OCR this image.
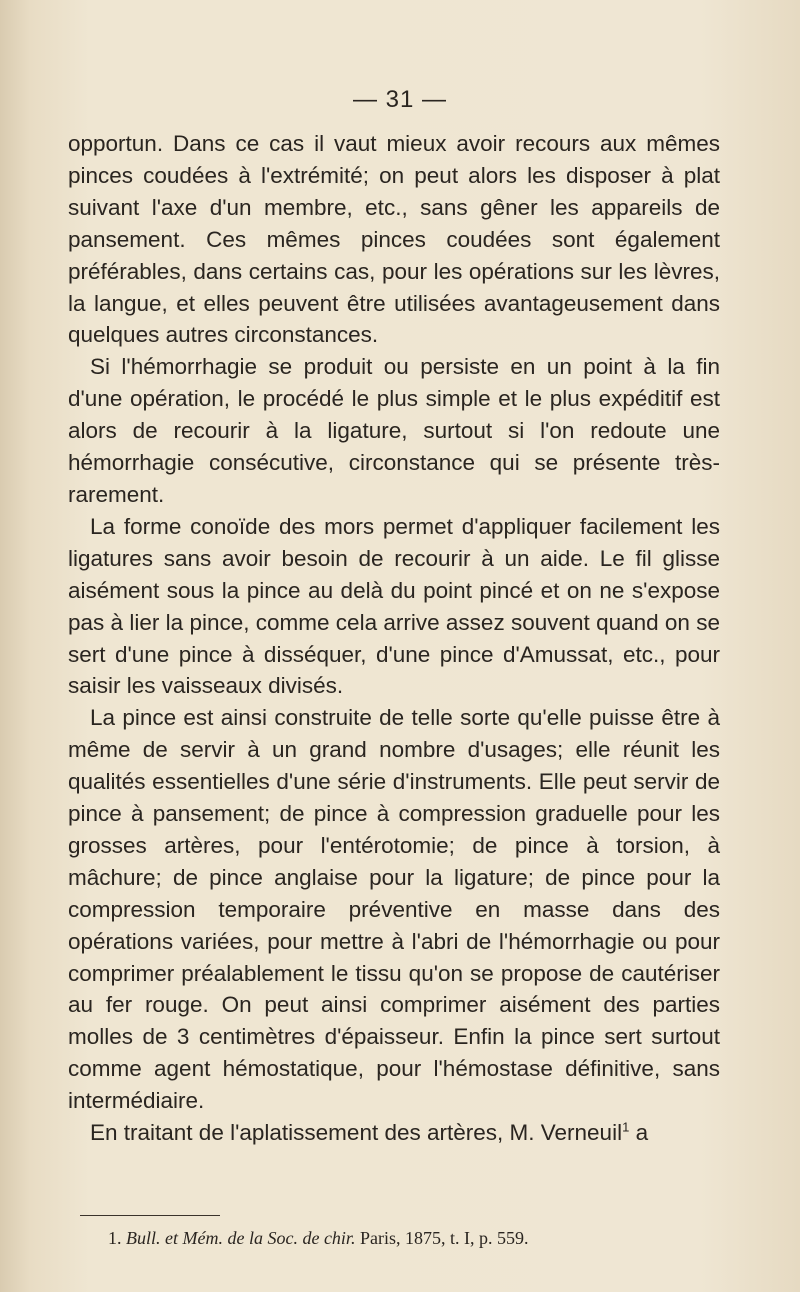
— 31 —

opportun. Dans ce cas il vaut mieux avoir recours aux mêmes pinces coudées à l'extrémité; on peut alors les disposer à plat suivant l'axe d'un membre, etc., sans gêner les appareils de pansement. Ces mêmes pinces coudées sont également préférables, dans certains cas, pour les opérations sur les lèvres, la langue, et elles peuvent être utilisées avantageusement dans quelques autres circonstances.

Si l'hémorrhagie se produit ou persiste en un point à la fin d'une opération, le procédé le plus simple et le plus expéditif est alors de recourir à la ligature, surtout si l'on redoute une hémorrhagie consécutive, circonstance qui se présente très-rarement.

La forme conoïde des mors permet d'appliquer facilement les ligatures sans avoir besoin de recourir à un aide. Le fil glisse aisément sous la pince au delà du point pincé et on ne s'expose pas à lier la pince, comme cela arrive assez souvent quand on se sert d'une pince à disséquer, d'une pince d'Amussat, etc., pour saisir les vaisseaux divisés.

La pince est ainsi construite de telle sorte qu'elle puisse être à même de servir à un grand nombre d'usages; elle réunit les qualités essentielles d'une série d'instruments. Elle peut servir de pince à pansement; de pince à compression graduelle pour les grosses artères, pour l'entérotomie; de pince à torsion, à mâchure; de pince anglaise pour la ligature; de pince pour la compression temporaire préventive en masse dans des opérations variées, pour mettre à l'abri de l'hémorrhagie ou pour comprimer préalablement le tissu qu'on se propose de cautériser au fer rouge. On peut ainsi comprimer aisément des parties molles de 3 centimètres d'épaisseur. Enfin la pince sert surtout comme agent hémostatique, pour l'hémostase définitive, sans intermédiaire.

En traitant de l'aplatissement des artères, M. Verneuil$^1$ a

1. Bull. et Mém. de la Soc. de chir. Paris, 1875, t. I, p. 559.
